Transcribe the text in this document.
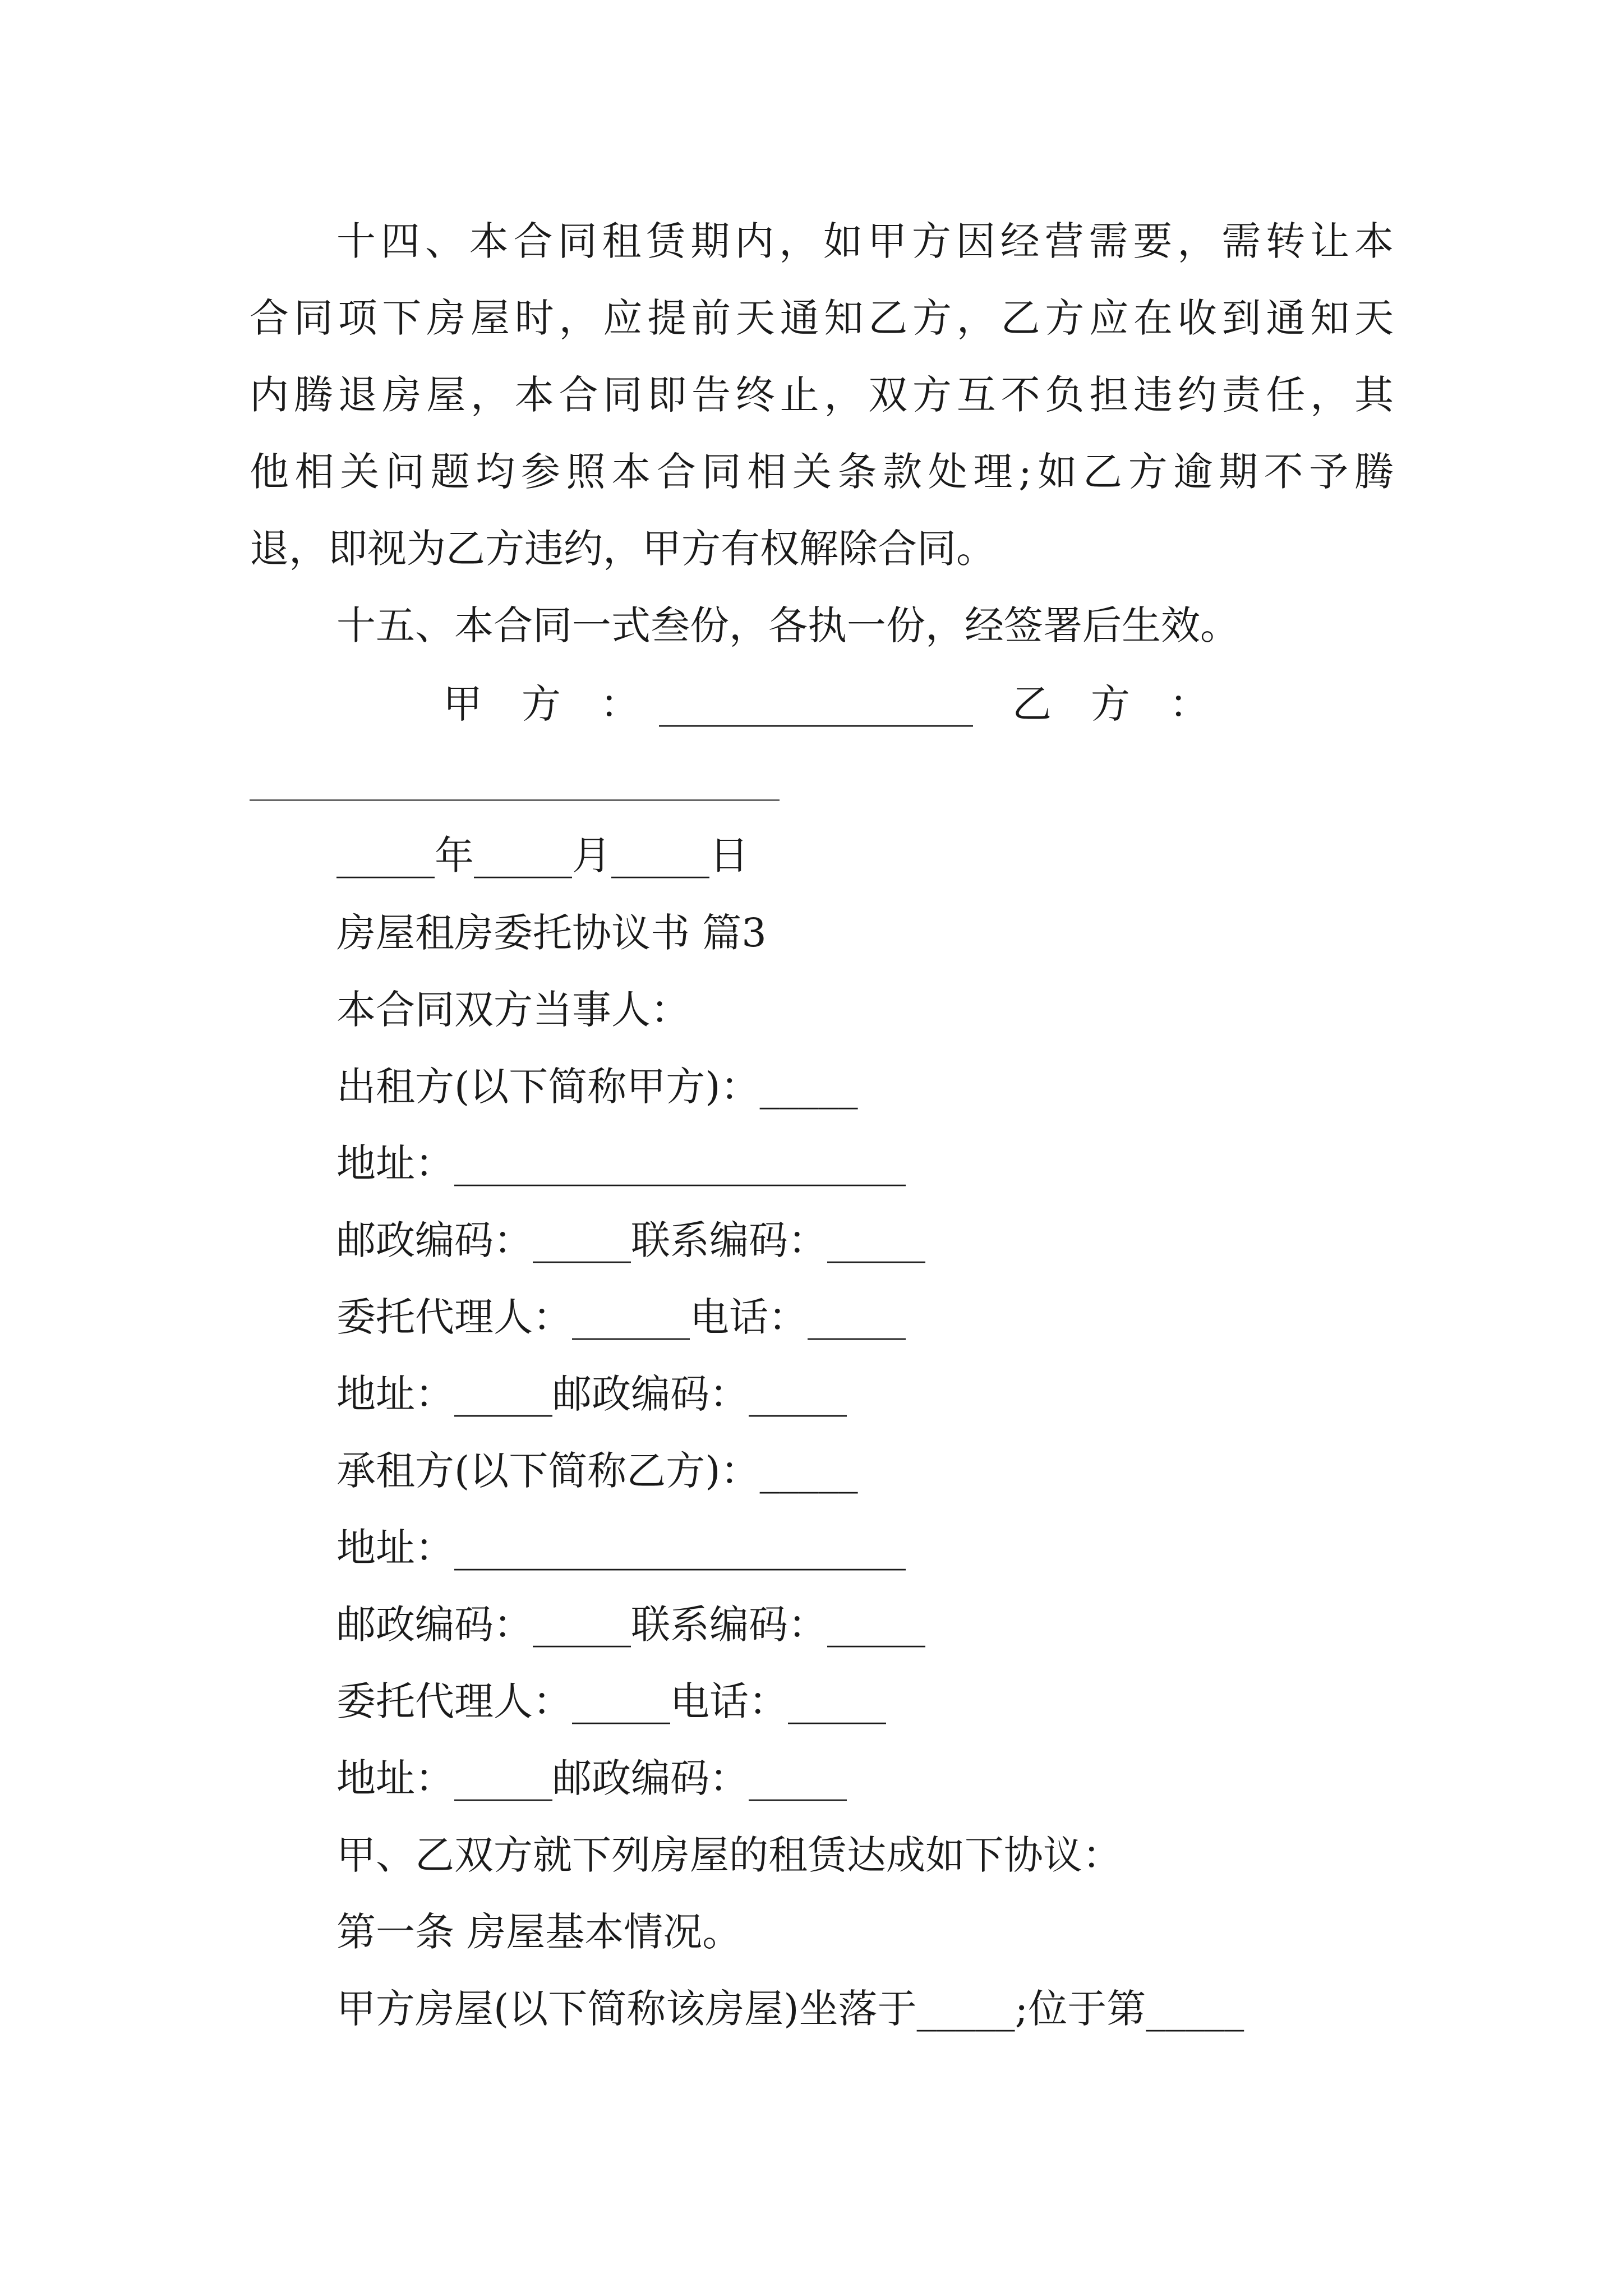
十四、本合同租赁期内，如甲方因经营需要，需转让本
合同项下房屋时，应提前天通知乙方，乙方应在收到通知天
内腾退房屋，本合同即告终止，双方互不负担违约责任，其
他相关问题均参照本合同相关条款处理;如乙方逾期不予腾
退，即视为乙方违约，甲方有权解除合同。
十五、本合同一式叁份，各执一份，经签署后生效。
甲　方　：　________________　乙　方　：
_____年_____月_____日
房屋租房委托协议书 篇3
本合同双方当事人：
出租方(以下简称甲方)：_____
地址：_______________________
邮政编码：_____联系编码：_____
委托代理人：______电话：_____
地址：_____邮政编码：_____
承租方(以下简称乙方)：_____
地址：_______________________
邮政编码：_____联系编码：_____
委托代理人：_____电话：_____
地址：_____邮政编码：_____
甲、乙双方就下列房屋的租赁达成如下协议：
第一条 房屋基本情况。
甲方房屋(以下简称该房屋)坐落于_____;位于第_____
